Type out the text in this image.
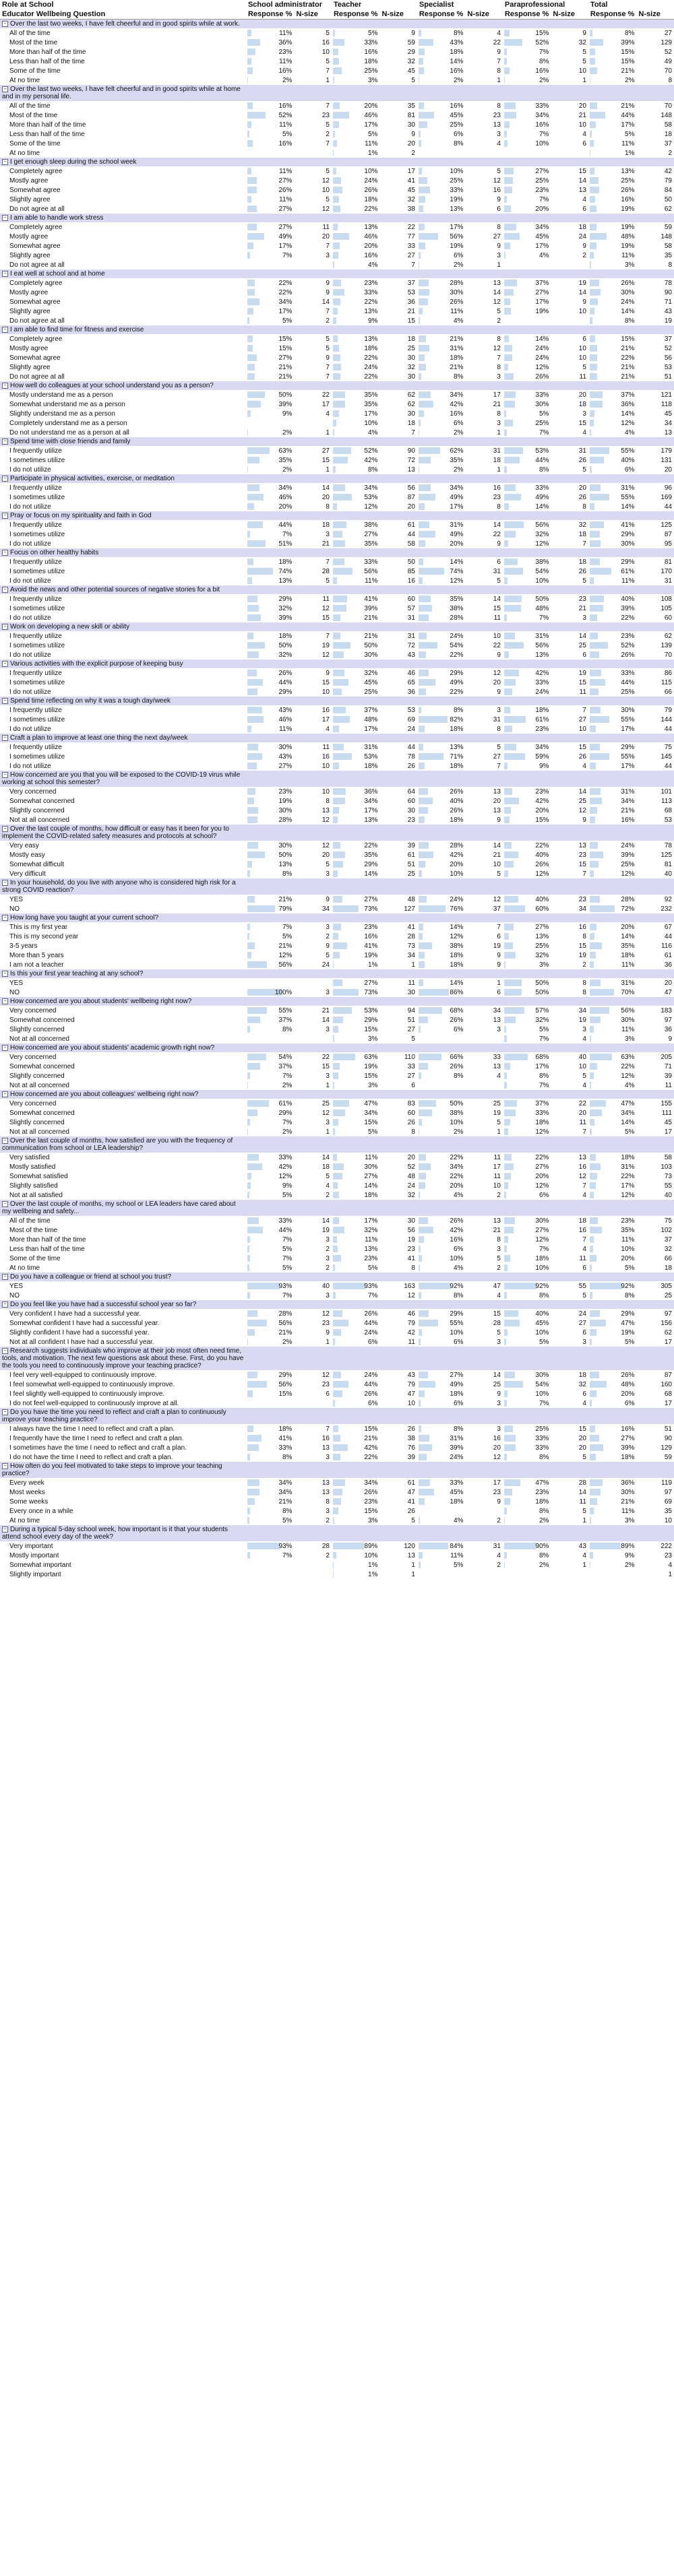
Role at School	School administrator		Teacher		Specialist		Paraprofessional		Total	
Educator Wellbeing Question	Response %	N-size	Response %	N-size	Response %	N-size	Response %	N-size	Response %	N-size
− Over the last two weeks, I have felt cheerful and in good spirits while at work.										
All of the time	11%	5	5%	9	8%	4	15%	9	8%	27
Most of the time	36%	16	33%	59	43%	22	52%	32	39%	129
More than half of the time	23%	10	16%	29	18%	9	7%	5	15%	52
Less than half of the time	11%	5	18%	32	14%	7	8%	5	15%	49
Some of the time	16%	7	25%	45	16%	8	16%	10	21%	70
At no time	2%	1	3%	5	2%	1	2%	1	2%	8
− Over the last two weeks, I have felt cheerful and in good spirits while at home and in my personal life.										
All of the time	16%	7	20%	35	16%	8	33%	20	21%	70
Most of the time	52%	23	46%	81	45%	23	34%	21	44%	148
More than half of the time	11%	5	17%	30	25%	13	16%	10	17%	58
Less than half of the time	5%	2	5%	9	6%	3	7%	4	5%	18
Some of the time	16%	7	11%	20	8%	4	10%	6	11%	37
At no time			1%	2					1%	2
− I get enough sleep during the school week										
Completely agree	11%	5	10%	17	10%	5	27%	15	13%	42
Mostly agree	27%	12	24%	41	25%	12	25%	14	25%	79
Somewhat agree	26%	10	26%	45	33%	16	23%	13	26%	84
Slightly agree	11%	5	18%	32	19%	9	7%	4	16%	50
Do not agree at all	27%	12	22%	38	13%	6	20%	6	19%	62
− I am able to handle work stress										
Completely agree	27%	11	13%	22	17%	8	34%	18	19%	59
Mostly agree	49%	20	46%	77	56%	27	45%	24	48%	148
Somewhat agree	17%	7	20%	33	19%	9	17%	9	19%	58
Slightly agree	7%	3	16%	27	6%	3	4%	2	11%	35
Do not agree at all			4%	7	2%	1			3%	8
− I eat well at school and at home										
Completely agree	22%	9	23%	37	28%	13	37%	19	26%	78
Mostly agree	22%	9	33%	53	30%	14	27%	14	30%	90
Somewhat agree	34%	14	22%	36	26%	12	17%	9	24%	71
Slightly agree	17%	7	13%	21	11%	5	19%	10	14%	43
Do not agree at all	5%	2	9%	15	4%	2			8%	19
− I am able to find time for fitness and exercise										
Completely agree	15%	5	13%	18	21%	8	14%	6	15%	37
Mostly agree	15%	5	18%	25	31%	12	24%	10	21%	52
Somewhat agree	27%	9	22%	30	18%	7	24%	10	22%	56
Slightly agree	21%	7	24%	32	21%	8	12%	5	21%	53
Do not agree at all	21%	7	22%	30	8%	3	26%	11	21%	51
− How well do colleagues at your school understand you as a person?										
Mostly understand me as a person	50%	22	35%	62	34%	17	33%	20	37%	121
Somewhat understand me as a person	39%	17	35%	62	42%	21	30%	18	36%	118
Slightly understand me as a person	9%	4	17%	30	16%	8	5%	3	14%	45
Completely understand me as a person			10%	18	6%	3	25%	15	12%	34
Do not understand me as a person at all	2%	1	4%	7	2%	1	7%	4	4%	13
− Spend time with close friends and family										
I frequently utilize	63%	27	52%	90	62%	31	53%	31	55%	179
I sometimes utilize	35%	15	42%	72	35%	18	44%	26	40%	131
I do not utilize	2%	1	8%	13	2%	1	8%	5	6%	20
− Participate in physical activities, exercise, or meditation										
I frequently utilize	34%	14	34%	56	34%	16	33%	20	31%	96
I sometimes utilize	46%	20	53%	87	49%	23	49%	26	55%	169
I do not utilize	20%	8	12%	20	17%	8	14%	8	14%	44
− Pray or focus on my spirituality and faith in God										
I frequently utilize	44%	18	38%	61	31%	14	56%	32	41%	125
I sometimes utilize	7%	3	27%	44	49%	22	32%	18	29%	87
I do not utilize	51%	21	35%	58	20%	9	12%	7	30%	95
− Focus on other healthy habits										
I frequently utilize	18%	7	33%	50	14%	6	38%	18	29%	81
I sometimes utilize	74%	28	56%	85	74%	31	54%	26	61%	170
I do not utilize	13%	5	11%	16	12%	5	10%	5	11%	31
− Avoid the news and other potential sources of negative stories for a bit										
I frequently utilize	29%	11	41%	60	35%	14	50%	23	40%	108
I sometimes utilize	32%	12	39%	57	38%	15	48%	21	39%	105
I do not utilize	39%	15	21%	31	28%	11	7%	3	22%	60
− Work on developing a new skill or ability										
I frequently utilize	18%	7	21%	31	24%	10	31%	14	23%	62
I sometimes utilize	50%	19	50%	72	54%	22	56%	25	52%	139
I do not utilize	32%	12	30%	43	22%	9	13%	6	26%	70
− Various activities with the explicit purpose of keeping busy										
I frequently utilize	26%	9	32%	46	29%	12	42%	19	33%	86
I sometimes utilize	44%	15	45%	65	49%	20	33%	15	44%	115
I do not utilize	29%	10	25%	36	22%	9	24%	11	25%	66
− Spend time reflecting on why it was a tough day/week										
I frequently utilize	43%	16	37%	53	8%	3	18%	7	30%	79
I sometimes utilize	46%	17	48%	69	82%	31	61%	27	55%	144
I do not utilize	11%	4	17%	24	18%	8	23%	10	17%	44
− Craft a plan to improve at least one thing the next day/week										
I frequently utilize	30%	11	31%	44	13%	5	34%	15	29%	75
I sometimes utilize	43%	16	53%	78	71%	27	59%	26	55%	145
I do not utilize	27%	10	18%	26	18%	7	9%	4	17%	44
− How concerned are you that you will be exposed to the COVID-19 virus while working at school this semester?										
Very concerned	23%	10	36%	64	26%	13	23%	14	31%	101
Somewhat concerned	19%	8	34%	60	40%	20	42%	25	34%	113
Slightly concerned	30%	13	17%	30	26%	13	20%	12	21%	68
Not at all concerned	28%	12	13%	23	18%	9	15%	9	16%	53
− Over the last couple of months, how difficult or easy has it been for you to implement the COVID-related safety measures and protocols at school?										
Very easy	30%	12	22%	39	28%	14	22%	13	24%	78
Mostly easy	50%	20	35%	61	42%	21	40%	23	39%	125
Somewhat difficult	13%	5	29%	51	20%	10	26%	15	25%	81
Very difficult	8%	3	14%	25	10%	5	12%	7	12%	40
− In your household, do you live with anyone who is considered high risk for a strong COVID reaction?										
YES	21%	9	27%	48	24%	12	40%	23	28%	92
NO	79%	34	73%	127	76%	37	60%	34	72%	232
− How long have you taught at your current school?										
This is my first year	7%	3	23%	41	14%	7	27%	16	20%	67
This is my second year	5%	2	16%	28	12%	6	13%	8	14%	44
3-5 years	21%	9	41%	73	38%	19	25%	15	35%	116
More than 5 years	12%	5	19%	34	18%	9	32%	19	18%	61
I am not a teacher	56%	24	1%	1	18%	9	3%	2	11%	36
− Is this your first year teaching at any school?										
YES			27%	11	14%	1	50%	8	31%	20
NO	100%	3	73%	30	86%	6	50%	8	70%	47
− How concerned are you about students' wellbeing right now?										
Very concerned	55%	21	53%	94	68%	34	57%	34	56%	183
Somewhat concerned	37%	14	29%	51	26%	13	32%	19	30%	97
Slightly concerned	8%	3	15%	27	6%	3	5%	3	11%	36
Not at all concerned			3%	5			7%	4	3%	9
− How concerned are you about students' academic growth right now?										
Very concerned	54%	22	63%	110	66%	33	68%	40	63%	205
Somewhat concerned	37%	15	19%	33	26%	13	17%	10	22%	71
Slightly concerned	7%	3	15%	27	8%	4	8%	5	12%	39
Not at all concerned	2%	1	3%	6			7%	4	4%	11
− How concerned are you about colleagues' wellbeing right now?										
Very concerned	61%	25	47%	83	50%	25	37%	22	47%	155
Somewhat concerned	29%	12	34%	60	38%	19	33%	20	34%	111
Slightly concerned	7%	3	15%	26	10%	5	18%	11	14%	45
Not at all concerned	2%	1	5%	8	2%	1	12%	7	5%	17
− Over the last couple of months, how satisfied are you with the frequency of communication from school or LEA leadership?										
Very satisfied	33%	14	11%	20	22%	11	22%	13	18%	58
Mostly satisfied	42%	18	30%	52	34%	17	27%	16	31%	103
Somewhat satisfied	12%	5	27%	48	22%	11	20%	12	22%	73
Slightly satisfied	9%	4	14%	24	20%	10	12%	7	17%	55
Not at all satisfied	5%	2	18%	32	4%	2	6%	4	12%	40
− Over the last couple of months, my school or LEA leaders have cared about my wellbeing and safety...										
All of the time	33%	14	17%	30	26%	13	30%	18	23%	75
Most of the time	44%	19	32%	56	42%	21	27%	16	35%	102
More than half of the time	7%	3	11%	19	16%	8	12%	7	11%	37
Less than half of the time	5%	2	13%	23	6%	3	7%	4	10%	32
Some of the time	7%	3	23%	41	10%	5	18%	11	20%	66
At no time	5%	2	5%	8	4%	2	10%	6	5%	18
− Do you have a colleague or friend at school you trust?										
YES	93%	40	93%	163	92%	47	92%	55	92%	305
NO	7%	3	7%	12	8%	4	8%	5	8%	25
− Do you feel like you have had a successful school year so far?										
Very confident I have had a successful year.	28%	12	26%	46	29%	15	40%	24	29%	97
Somewhat confident I have had a successful year.	56%	23	44%	79	55%	28	45%	27	47%	156
Slightly confident I have had a successful year.	21%	9	24%	42	10%	5	10%	6	19%	62
Not at all confident I have had a successful year.	2%	1	6%	11	6%	3	5%	3	5%	17
− Research suggests individuals who improve at their job most often need time, tools, and motivation. The next few questions ask about these. First, do you have the tools you need to continuously improve your teaching practice?										
I feel very well-equipped to continuously improve.	29%	12	24%	43	27%	14	30%	18	26%	87
I feel somewhat well-equipped to continuously improve.	56%	23	44%	79	49%	25	54%	32	48%	160
I feel slightly well-equipped to continuously improve.	15%	6	26%	47	18%	9	10%	6	20%	68
I do not feel well-equipped to continuously improve at all.			6%	10	6%	3	7%	4	6%	17
− Do you have the time you need to reflect and craft a plan to continuously improve your teaching practice?										
I always have the time I need to reflect and craft a plan.	18%	7	15%	26	8%	3	25%	15	16%	51
I frequently have the time I need to reflect and craft a plan.	41%	16	21%	38	31%	16	33%	20	27%	90
I sometimes have the time I need to reflect and craft a plan.	33%	13	42%	76	39%	20	33%	20	39%	129
I do not have the time I need to reflect and craft a plan.	8%	3	22%	39	24%	12	8%	5	18%	59
− How often do you feel motivated to take steps to improve your teaching practice?										
Every week	34%	13	34%	61	33%	17	47%	28	36%	119
Most weeks	34%	13	26%	47	45%	23	23%	14	30%	97
Some weeks	21%	8	23%	41	18%	9	18%	11	21%	69
Every once in a while	8%	3	15%	26			8%	5	11%	35
At no time	5%	2	3%	5	4%	2	2%	1	3%	10
− During a typical 5-day school week, how important is it that your students attend school every day of the week?										
Very important	93%	28	89%	120	84%	31	90%	43	89%	222
Mostly important	7%	2	10%	13	11%	4	8%	4	9%	23
Somewhat important			1%	1	5%	2	2%	1	2%	4
Slightly important			1%	1						1
